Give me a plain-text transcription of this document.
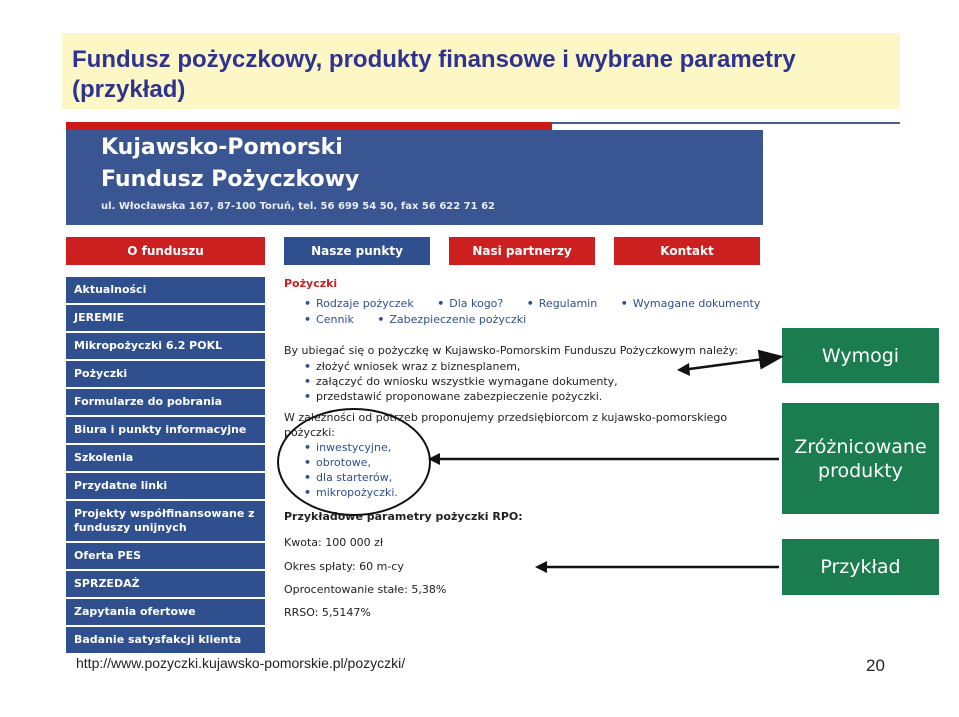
Fundusz pożyczkowy, produkty finansowe i wybrane parametry (przykład)
Kujawsko-Pomorski
Fundusz Pożyczkowy
ul. Włocławska 167, 87-100 Toruń, tel. 56 699 54 50, fax 56 622 71 62
O funduszu	Nasze punkty	Nasi partnerzy	Kontakt
Aktualności
JEREMIE
Mikropożyczki 6.2 POKL
Pożyczki
Formularze do pobrania
Biura i punkty informacyjne
Szkolenia
Przydatne linki
Projekty współfinansowane z funduszy unijnych
Oferta PES
SPRZEDAŻ
Zapytania ofertowe
Badanie satysfakcji klienta
Pożyczki
• Rodzaje pożyczek • Dla kogo? • Regulamin • Wymagane dokumenty
• Cennik • Zabezpieczenie pożyczki
By ubiegać się o pożyczkę w Kujawsko-Pomorskim Funduszu Pożyczkowym należy:
• złożyć wniosek wraz z biznesplanem,
• załączyć do wniosku wszystkie wymagane dokumenty,
• przedstawić proponowane zabezpieczenie pożyczki.
W zależności od potrzeb proponujemy przedsiębiorcom z kujawsko-pomorskiego pożyczki:
• inwestycyjne,
• obrotowe,
• dla starterów,
• mikropożyczki.
Przykładowe parametry pożyczki RPO:
Kwota: 100 000 zł
Okres spłaty: 60 m-cy
Oprocentowanie stałe: 5,38%
RRSO: 5,5147%
Wymogi
Zróżnicowane produkty
Przykład
http://www.pozyczki.kujawsko-pomorskie.pl/pozyczki/	20
